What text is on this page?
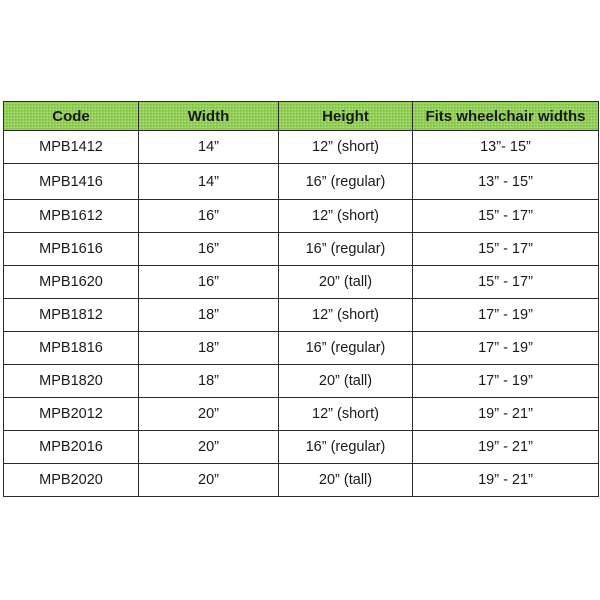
Code	Width	Height	Fits wheelchair widths
MPB1412	14”	12” (short)	13”- 15”
MPB1416	14”	16” (regular)	13” - 15”
MPB1612	16”	12” (short)	15” - 17”
MPB1616	16”	16” (regular)	15” - 17”
MPB1620	16”	20” (tall)	15” - 17”
MPB1812	18”	12” (short)	17” - 19”
MPB1816	18”	16” (regular)	17” - 19”
MPB1820	18”	20” (tall)	17” - 19”
MPB2012	20”	12” (short)	19” - 21”
MPB2016	20”	16” (regular)	19” - 21”
MPB2020	20”	20” (tall)	19” - 21”
